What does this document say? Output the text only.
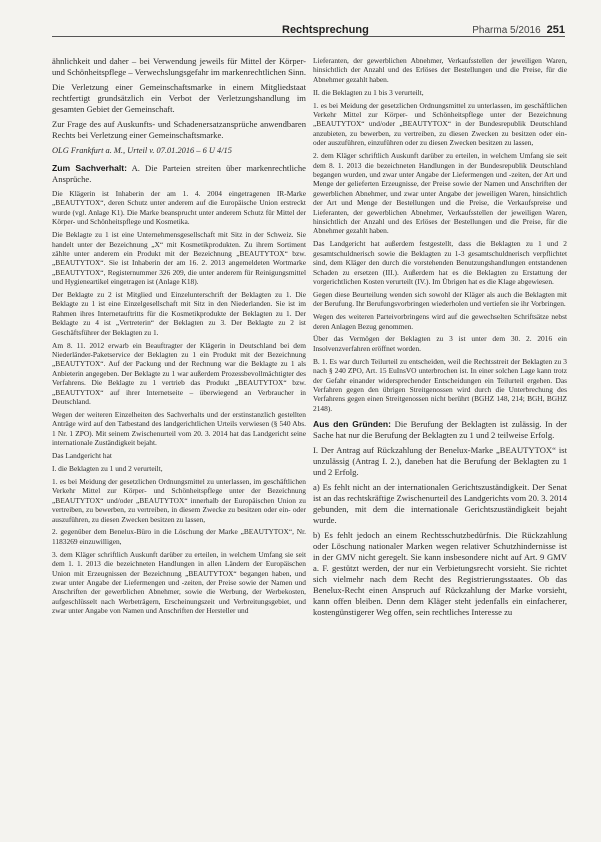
Rechtsprechung	Pharma 5/2016 251

ähnlichkeit und daher – bei Verwendung jeweils für Mittel der Körper- und Schönheitspflege – Verwechslungsgefahr im markenrechtlichen Sinn.

Die Verletzung einer Gemeinschaftsmarke in einem Mitgliedstaat rechtfertigt grundsätzlich ein Verbot der Verletzungshandlung im gesamten Gebiet der Gemeinschaft.

Zur Frage des auf Auskunfts- und Schadenersatzansprüche anwendbaren Rechts bei Verletzung einer Gemeinschaftsmarke.

OLG Frankfurt a. M., Urteil v. 07.01.2016 – 6 U 4/15

Zum Sachverhalt: A. Die Parteien streiten über markenrechtliche Ansprüche.

Die Klägerin ist Inhaberin der am 1. 4. 2004 eingetragenen IR-Marke „BEAUTYTOX“, deren Schutz unter anderem auf die Europäische Union erstreckt wurde (vgl. Anlage K1). Die Marke beansprucht unter anderem Schutz für Mittel der Körper- und Schönheitspflege und Kosmetika.

Die Beklagte zu 1 ist eine Unternehmensgesellschaft mit Sitz in der Schweiz. Sie handelt unter der Bezeichnung „X“ mit Kosmetikprodukten. Zu ihrem Sortiment zählte unter anderem ein Produkt mit der Bezeichnung „BEAUTYTOX“ bzw. „BEAUTYTOX“. Sie ist Inhaberin der am 16. 2. 2013 angemeldeten Wortmarke „BEAUTYTOX“, Registernummer 326 209, die unter anderem für Reinigungsmittel und Hygieneartikel eingetragen ist (Anlage K18).

Der Beklagte zu 2 ist Mitglied und Einzelunterschrift der Beklagten zu 1. Die Beklagte zu 1 ist eine Einzelgesellschaft mit Sitz in den Niederlanden. Sie ist im Rahmen ihres Internetauftritts für die Kosmetikprodukte der Beklagten zu 1. Der Beklagte zu 4 ist „Vertreterin“ der Beklagten zu 3. Der Beklagte zu 2 ist Geschäftsführer der Beklagten zu 1.

Am 8. 11. 2012 erwarb ein Beauftragter der Klägerin in Deutschland bei dem Niederländer-Paketservice der Beklagten zu 1 ein Produkt mit der Bezeichnung „BEAUTYTOX“. Auf der Packung und der Rechnung war die Beklagte zu 1 als Anbieterin angegeben. Der Beklagte zu 1 war außerdem Prozessbevollmächtigter des Verfahrens. Die Beklagte zu 1 vertrieb das Produkt „BEAUTYTOX“ bzw. „BEAUTYTOX“ auf ihrer Internetseite – überwiegend an Verbraucher in Deutschland.

Wegen der weiteren Einzelheiten des Sachverhalts und der erstinstanzlich gestellten Anträge wird auf den Tatbestand des landgerichtlichen Urteils verwiesen (§ 540 Abs. 1 Nr. 1 ZPO). Mit seinem Zwischenurteil vom 20. 3. 2014 hat das Landgericht seine internationale Zuständigkeit bejaht.

Das Landgericht hat

I. die Beklagten zu 1 und 2 verurteilt,

1. es bei Meidung der gesetzlichen Ordnungsmittel zu unterlassen, im geschäftlichen Verkehr Mittel zur Körper- und Schönheitspflege unter der Bezeichnung „BEAUTYTOX“ und/oder „BEAUTYTOX“ innerhalb der Europäischen Union zu vertreiben, zu bewerben, zu vertreiben, in diesem Zwecke zu besitzen oder ein- oder auszuführen, zu diesen Zwecken besitzen zu lassen,

2. gegenüber dem Benelux-Büro in die Löschung der Marke „BEAUTYTOX“, Nr. 1183269 einzuwilligen,

3. dem Kläger schriftlich Auskunft darüber zu erteilen, in welchem Umfang sie seit dem 1. 1. 2013 die bezeichneten Handlungen in allen Ländern der Europäischen Union mit Erzeugnissen der Bezeichnung „BEAUTYTOX“ begangen haben, und zwar unter Angabe der Liefermengen und -zeiten, der Preise sowie der Namen und Anschriften der gewerblichen Abnehmer, sowie die Werbung, der Werbekosten, aufgeschlüsselt nach Werbeträgern, Erscheinungszeit und Verbreitungsgebiet, und zwar unter Angabe von Namen und Anschriften der Hersteller und

Lieferanten, der gewerblichen Abnehmer, Verkaufsstellen der jeweiligen Waren, hinsichtlich der Anzahl und des Erlöses der Bestellungen und die Preise, für die Abnehmer gezahlt haben.

II. die Beklagten zu 1 bis 3 verurteilt,

1. es bei Meidung der gesetzlichen Ordnungsmittel zu unterlassen, im geschäftlichen Verkehr Mittel zur Körper- und Schönheitspflege unter der Bezeichnung „BEAUTYTOX“ und/oder „BEAUTYTOX“ in der Bundesrepublik Deutschland anzubieten, zu bewerben, zu vertreiben, zu diesen Zwecken zu besitzen oder ein- oder auszuführen, einzuführen oder zu diesen Zwecken besitzen zu lassen,

2. dem Kläger schriftlich Auskunft darüber zu erteilen, in welchem Umfang sie seit dem 8. 1. 2013 die bezeichneten Handlungen in der Bundesrepublik Deutschland begangen wurden, und zwar unter Angabe der Liefermengen und -zeiten, der Art und Menge der gelieferten Erzeugnisse, der Preise sowie der Namen und Anschriften der gewerblichen Abnehmer, und zwar unter Angabe der jeweiligen Waren, hinsichtlich der Art und Menge der Bestellungen und die Preise, die Verkaufspreise und Lieferanten, der gewerblichen Abnehmer, Verkaufsstellen der jeweiligen Waren, hinsichtlich der Anzahl und des Erlöses der Bestellungen und die Preise, für die Abnehmer gezahlt haben.

Das Landgericht hat außerdem festgestellt, dass die Beklagten zu 1 und 2 gesamtschuldnerisch sowie die Beklagten zu 1-3 gesamtschuldnerisch verpflichtet sind, dem Kläger den durch die vorstehenden Benutzungshandlungen entstandenen Schaden zu ersetzen (III.). Außerdem hat es die Beklagten zu Erstattung der vorgerichtlichen Kosten verurteilt (IV.). Im Übrigen hat es die Klage abgewiesen.

Gegen diese Beurteilung wenden sich sowohl der Kläger als auch die Beklagten mit der Berufung. Ihr Berufungsvorbringen wiederholen und vertiefen sie ihr Vorbringen.

Wegen des weiteren Parteivorbringens wird auf die gewechselten Schriftsätze nebst deren Anlagen Bezug genommen.

Über das Vermögen der Beklagten zu 3 ist unter dem 30. 2. 2016 ein Insolvenzverfahren eröffnet worden.

B. 1. Es war durch Teilurteil zu entscheiden, weil die Rechtsstreit der Beklagten zu 3 nach § 240 ZPO, Art. 15 EuInsVO unterbrochen ist. In einer solchen Lage kann trotz der Gefahr einander widersprechender Entscheidungen ein Teilurteil ergehen. Das Verfahren gegen den übrigen Streitgenossen wird durch die Unterbrechung des Verfahrens gegen einen Streitgenossen nicht berührt (BGHZ 148, 214; BGH, BGHZ 2148).

Aus den Gründen: Die Berufung der Beklagten ist zulässig. In der Sache hat nur die Berufung der Beklagten zu 1 und 2 teilweise Erfolg.

I. Der Antrag auf Rückzahlung der Benelux-Marke „BEAUTYTOX“ ist unzulässig (Antrag I. 2.), daneben hat die Berufung der Beklagten zu 1 und 2 Erfolg.

a) Es fehlt nicht an der internationalen Gerichtszuständigkeit. Der Senat ist an das rechtskräftige Zwischenurteil des Landgerichts vom 20. 3. 2014 gebunden, mit dem die internationale Gerichtszuständigkeit bejaht wurde.

b) Es fehlt jedoch an einem Rechtsschutzbedürfnis. Die Rückzahlung oder Löschung nationaler Marken wegen relativer Schutzhindernisse ist in der GMV nicht geregelt. Sie kann insbesondere nicht auf Art. 9 GMV a. F. gestützt werden, der nur ein Verbietungsrecht vorsieht. Sie richtet sich vielmehr nach dem Recht des Registrierungsstaates. Ob das Benelux-Recht einen Anspruch auf Rückzahlung der Marke vorsieht, kann offen bleiben. Denn dem Kläger steht jedenfalls ein einfacherer, kostengünstigerer Weg offen, sein rechtliches Interesse zu
